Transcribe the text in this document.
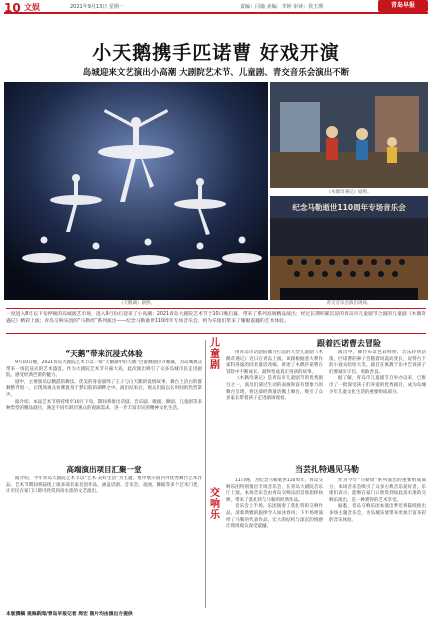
10 文娱	2021年9月13日 星期一	责编：闫瑜 美编：李婷 审读：侯玉瑛	青岛早报
小天鹅携手匹诺曹 好戏开演
岛城迎来文艺演出小高潮 大剧院艺术节、儿童剧、青交音乐会演出不断
《天鹅湖》剧照。
《木偶奇遇记》剧照。
纪念马勒逝世110周年专场音乐会
青交音乐会演出现场。
一度进入8月以下旬停顿的岛城演艺市场，进入9月份后迎来了小高潮：2021青岛大剧院艺术节于10日晚启幕，带来了系列高端精品演出；经过长期积累沉淀的青岛市儿童剧节合演的儿童剧《木偶奇遇记》精彩上演；青岛交响乐团的“马勒周”系列演出——纪念马勒逝世110周年专场音乐会，则为乐迷们带来了耀眼震撼的艺术体验。
“天鹅”带来沉浸式体验

9月10日晚，2021青岛大剧院艺术节以一场“天鹅湖中的天鹅”芭蕾舞剧拉开帷幕，为岛城观众带来一场沉浸式的艺术盛宴。作为大剧院艺术节开幕大戏，此次演出吸引了众多岛城市民走进剧院，感受经典芭蕾的魅力。

剧中，主要演员以精湛的舞技、优美的身姿演绎了王子与白天鹅的爱情故事，舞台上洁白的群舞整齐划一，让现场观众仿佛置身于梦幻般的湖畔之中。演出结束后，观众们报以长时间的热烈掌声。

据介绍，本届艺术节将持续至10月下旬，期间将推出话剧、音乐剧、歌剧、舞剧、儿童剧等多种类型的精品剧目，满足不同年龄层观众的观演需求，进一步丰富市民的精神文化生活。

高端演出项目汇聚一堂

据介绍，今年青岛大剧院艺术节以“艺术·美好生活”为主题，集中展示国内外优秀舞台艺术作品。艺术节期间将陆续上演多部名家名团作品，涵盖话剧、音乐会、戏曲、舞蹈等多个艺术门类，让市民在家门口即可欣赏到高水准的文艺演出。

儿童剧
交响乐
跟着匹诺曹去冒险

由青岛市话剧院倾力打造的大型儿童剧《木偶奇遇记》近日在青岛上演。该剧根据意大利作家科洛迪的同名童话改编，讲述了木偶匹诺曹在冒险中不断成长、最终变成真正男孩的故事。

《木偶奇遇记》是青岛市儿童剧节的优秀剧目之一，演员们通过生动的表演和富有想象力的舞台呈现，将这部经典童话搬上舞台，吸引了众多家长带着孩子走进剧场观看。

演出中，舞台布景色彩鲜明，音乐轻快活泼，匹诺曹的鼻子会随着说谎而变长，逗得台下的小观众哈哈大笑。剧目在寓教于乐中告诉孩子们要诚实守信、勇敢善良。

据了解，青岛市儿童剧节自举办以来，已推出了一批深受孩子们喜爱的优秀剧目，成为岛城少年儿童文化生活的重要组成部分。

当芸扎特遇见马勒

11日晚，为纪念马勒逝世110周年，青岛交响乐团特别推出专场音乐会，在青岛大剧院音乐厅上演。本场音乐会由青岛交响乐团首席指挥执棒，带来了莫扎特与马勒的经典作品。

音乐会上半场，乐团演奏了莫扎特的交响作品，清新典雅的旋律令人如沐春风；下半场则演绎了马勒的代表作品，宏大的结构与深沉的情感让现场观众深受震撼。

作为今年“马勒周”系列演出的重要组成部分，本场音乐会吸引了众多古典音乐爱好者。乐迷们表示，能够在家门口欣赏到如此高水准的交响乐演出，是一种难得的艺术享受。

据悉，青岛交响乐团本演出季还将陆续推出多场主题音乐会，为岛城乐迷带来更加丰富多彩的音乐体验。

本版撰稿 观海新闻/青岛早报记者 周宏 图片均由演出方提供
